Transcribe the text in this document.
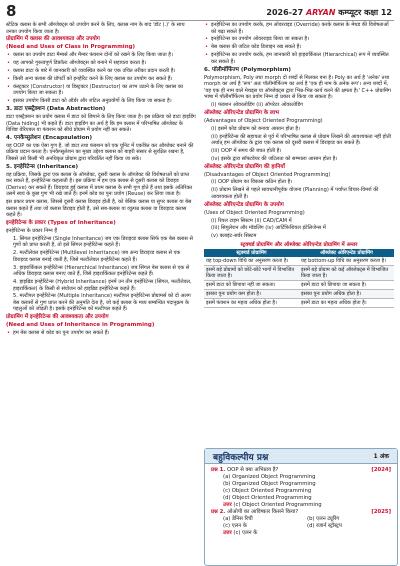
8	2026-27 ARYAN कम्प्यूटर कक्षा 12

स्टेटिक क्लास के सभी ऑब्जेक्ट्स को उपयोग करने के लिए, क्लास नाम के बाद 'डॉट (.)' के साथ उनका उपयोग किया जाता है।

प्रोग्रामिंग में क्लास की आवश्यकता और उपयोग

(Need and Uses of Class in Programming)

• क्लास का उपयोग डाटा मैम्बर्स और मैम्बर फंक्शन दोनों को रखने के लिए किया जाता है।

• यह आपको गुरुत्वपूर्ण डिफ़ॉल्ट ऑब्जेक्ट्स को बनाने में सहायता करता है।

• क्लास डाटा के बारे में जानकारी को व्यवस्थित करने का एक उचित तरीका प्रदान करती है।

• किसी अन्य क्लास की प्रॉपर्टी को इनहेरिट करने के लिए क्लास का उपयोग कर सकते हैं।

• कंस्ट्रक्टर (Constructor) या डिस्ट्रक्टर (Destructor) का लाभ उठाने के लिए क्लास का उपयोग किया जा सकता है।

• इसका उपयोग किसी डाटा को ऑर्डर और जटिल अनुप्रयोगों के लिए किया जा सकता है।

3. डाटा एब्स्ट्रैक्शन (Data Abstraction)

डाटा एब्स्ट्रैक्शन का प्रयोग क्लास में डाटा को छिपाने के लिए किया जाता है। इस प्रक्रिया को डाटा हाइडिंग (Data hiding) भी कहते हैं। डाटा हाइडिंग का अर्थ है कि हम क्लास में परिभाषित ऑब्जेक्ट के विशिष्ट वेरिएबल या फंक्शन को सीधे प्रोग्राम में प्रयोग नहीं कर सकते।

4. एनकैप्सुलेशन (Encapsulation)

यह OOP का एक ऐसा गुण है, जो डाटा तथा फंक्शन को एक यूनिट में एकत्रित कर ऑब्जेक्ट बनाने की प्रक्रिया प्रदान करता है। एनकैप्सुलेशन का मुख्य उद्देश्य क्लास को बाहरी संसार से सुरक्षित रखना है, जिससे उसे किसी भी अनधिकृत प्रोग्राम द्वारा परिवर्तित नहीं किया जा सके।

5. इनहेरिटेन्स (Inheritance)

वह प्रक्रिया, जिसके द्वारा एक क्लास के ऑब्जेक्ट, दूसरी क्लास के ऑब्जेक्ट की विशेषताओं को प्राप्त कर सकते हैं, इनहेरिटेन्स कहलाती है। इस प्रक्रिया में हम एक क्लास से दूसरी क्लास को डिराइव (Derive) कर सकते हैं। डिराइव्ड हुई क्लास में प्रथम क्लास के सभी गुण होते हैं तथा इसके अतिरिक्त उसमें स्वयं के कुछ गुण भी रखे जाते हैं। इनमें कोड का पुनः प्रयोग (Reuse) कर लिया जाता है।

इस प्रकार प्रथम क्लास, जिससे दूसरी क्लास डिराइव होती है, को बेसिक क्लास या सुपर क्लास या बेस क्लास कहते हैं तथा जो क्लास डिराइव होती है, उसे सब-क्लास या व्युत्पन्न क्लास या डिराइव्ड क्लास कहते हैं।

इनहेरिटेन्स के प्रकार (Types of Inheritance)

इनहेरिटेन्स के प्रकार निम्न हैं

1. सिंगल इनहेरिटेन्स (Single Inheritance) जब एक डिराइव्ड क्लास सिर्फ एक बेस क्लास से गुणों को प्राप्त करती है, तो इसे सिंगल इनहेरिटेन्स कहते हैं।

2. मल्टीलेवल इनहेरिटेन्स (Multilevel Inheritance) जब अन्य डिराइव्ड क्लास से एक डिराइव्ड क्लास बनाई जाती है, जिसे मल्टीलेवल इनहेरिटेन्स कहते हैं।

3. हाइरार्किकल इनहेरिटेन्स (Hierarchical Inheritance) जब सिंगल बेस क्लास से एक से अधिक डिराइव्ड क्लास बनाए जाते हैं, जिसे हाइरार्किकल इनहेरिटेन्स कहते हैं।

4. हाइब्रिड इनहेरिटेन्स (Hybrid Inheritance) इनमें उन तीन इनहेरिटेन्स (सिंगल, मल्टीलेवल, हाइरार्किकल) के किसी से संयोजन को हाइब्रिड इनहेरिटेन्स कहते हैं।

5. मल्टीपल इनहेरिटेन्स (Multiple Inheritance) मल्टीपल इनहेरिटेन्स प्रोग्रामर्स को दो अलग बेस क्लासों से गुण प्राप्त करने की अनुमति देता है, जो कई क्लास के मध्य सम्बन्धित पदानुक्रम के पहलुओं को जोड़ती है। इसके इनहेरिटेन्स को मल्टीपल कहते हैं।

प्रोग्रामिंग में इनहेरिटेन्स की आवश्यकता और उपयोग

(Need and Uses of Inheritance in Programming)

• हम बेस क्लास से कोड का पुनः उपयोग कर सकते हैं।

• इनहेरिटेन्स का उपयोग करके, हम ओवरराइड (Override) करके क्लास के मेथड की विशेषताओं को बढ़ा सकते हैं।

• इनहेरिटेन्स का उपयोग ओवरराइड किया जा सकता है।

• बेस क्लास की जटिल कोड डिजाइन रख सकते हैं।

• इनहेरिटेन्स का उपयोग करके, हम जानकारी को हाइरार्किकल (Hierarchical) रूप में व्यवस्थित कर सकते हैं।

6. पॉलीमॉर्फिज्म (Polymorphism)

Polymorphism, Poly तथा morph दो शब्दों से मिलकर बना है। Poly का अर्थ है 'अनेक' तथा morph का अर्थ है 'रूप' अतः पॉलीमॉर्फिज्म का अर्थ है 'एक ही नाम के अनेक रूप'। अन्य शब्दों में, 'यह एक ही नाम वाले मेथड्स या ऑब्जेक्ट्स द्वारा भिन्न-भिन्न कार्य करने की क्षमता है।' C++ प्रोग्रामिंग भाषा में पॉलीमॉर्फिज्म का प्रयोग निम्न दो प्रकार से किया जा सकता है।

(i) फंक्शन ओवरलोडिंग (ii) ऑपरेटर ओवरलोडिंग

ऑब्जेक्ट ओरिएन्टेड प्रोग्रामिंग के लाभ

(Advantages of Object Oriented Programming)

(i) इसमें कोड प्रोग्राम को बनाया आसान होता है।

(ii) इनहेरिटेन्स की सहायता से पूर्व में परिभाषित क्लास से प्रोग्राम लिखने की आवश्यकता नहीं होती अर्थात् हम ऑब्जेक्ट के द्वारा एक क्लास को दूसरी क्लास में डिराइव्ड कर सकते हैं।

(iii) OOP में समय की बचत होती है।

(iv) इसके द्वारा सॉफ्टवेयर की जटिलता को सम्भाला आसान होता है।

ऑब्जेक्ट ओरिएन्टेड प्रोग्रामिंग की हानियाँ

(Disadvantages of Object Oriented Programming)

(i) OOP प्रोग्राम का विकास कठिन होता है।

(ii) प्रोग्राम लिखने से पहले सावधानीपूर्वक योजना (Planning) में पर्याप्त विचार-विमर्श की आवश्यकता होती है।

ऑब्जेक्ट ओरिएन्टेड प्रोग्रामिंग के उपयोग

(Uses of Object Oriented Programming)

(i) रियल टाइम सिस्टम (ii) CAD/CAM में

(iii) सिमुलेशन और मॉडलिंग (iv) आर्टिफिशियल इंटेलिजेन्स में

(v) क्लाइंट-सर्वर सिस्टम

स्ट्रक्चर्ड प्रोग्रामिंग और ऑब्जेक्ट ओरिएन्टेड प्रोग्रामिंग में अन्तर
स्ट्रक्चर्ड प्रोग्रामिंग	ऑब्जेक्ट ओरिएन्टेड प्रोग्रामिंग
यह top-down विधि का अनुसरण करता है।	यह bottom-up विधि का अनुसरण करता है।
इसमें बड़े प्रोग्रामों को छोटे-छोटे भागों में विभाजित किया जाता है।	इसमें बड़े प्रोग्राम को कई ऑब्जेक्ट्स में विभाजित किया जाता है।
इसमें डाटा को छिपाया नहीं जा सकता।	इसमें डाटा को छिपाया जा सकता है।
इसका पुनः प्रयोग कम होता है।	इसका पुनः प्रयोग अधिक होता है।
इसमें फंक्शन का महत्व अधिक होता है।	इसमें डाटा का महत्व अधिक होता है।
बहुविकल्पीय प्रश्न	1 अंक
प्रश्न 1. OOP से क्या अभिप्राय है?	[2024]
(a) Organized Object Programming
(b) Organized Object Programming
(c) Object Oriented Programming
(d) Object Oriented Programming
उत्तर (c) Object Oriented Programming
प्रश्न 2. ओओपी का आविष्कार किसने किया?	[2025]
(a) डेनिस रिची	(b) एलन ट्यूरिंग
(c) एलन के	(d) ब्जार्न स्ट्रॉस्ट्रप
उत्तर (c) एलन के
